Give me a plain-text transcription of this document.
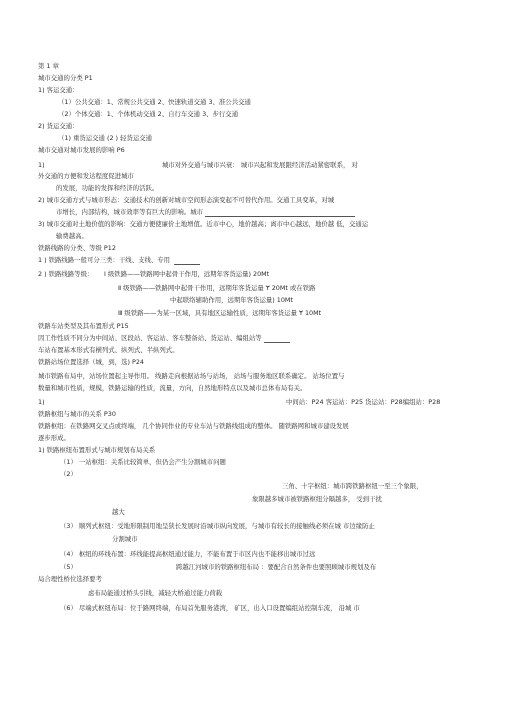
第 1 章
城市交通的分类 P1
1) 客运交通：
（1）公共交通：1、常规公共交通 2、快速轨道交通 3、准公共交通
（2）个体交通：1、个体机动交通 2、自行车交通 3、步行交通
2) 货运交通：
（1) 重货运交通 (2 ) 轻货运交通
城市交通对城市发展的影响 P6
1)	城市对外交通与城市兴衰： 城市兴起和发展跟经济活动紧密联系， 对
外交通的方便和发达程度促进城市
的发展，功能的发挥和经济的活跃。
2) 城市交通方式与城市形态：交通技术的创新对城市空间形态演变起不可替代作用。交通工具变革，对城
市增长，内部结构，城市效率等有巨大的影响。城市
3) 城市交通对土地价值的影响：交通方便使廉价土地增值。近市中心，地价越高；离市中心越远，地价越 低，交通运
输费越高。
铁路线路的分类、等级 P12
1 ) 铁路线路一般可分三类：干线、支线、专用
2 ) 铁路线路等级： Ⅰ 级铁路——铁路网中起骨干作用，远期年客货运量) 20Mt
Ⅱ 级铁路——铁路网中起骨干作用，远期年客货运量 Ɏ 20Mt 或在铁路
中起联络辅助作用，远期年客货运量) 10Mt
Ⅲ 级铁路——为某一区域，具有地区运输性质，远期年客货运量 Ɏ 10Mt
铁路车站类型及其布置形式 P15
因工作性质不同分为中间站、区段站、客运站、客车整备站、货运站、编组站等
车站布置基本形式有横列式、纵列式、半纵列式。
铁路站场位置选择（城，到，选) P24
城市铁路布局中，站场位置起主导作用。 线路走向根据站场与站场， 站场与服务地区联系确定。 站场位置与
数量和城市性质，规模，铁路运输的性质，流量，方向，自然地形特点以及城市总体布局有关。
1)	中间站：P24 客运站：P25 货运站：P28编组站：P28
铁路枢纽与城市的关系 P30
铁路枢纽：在铁路网交叉点或终端， 几个协同作业的专业车站与铁路线组成的整体。 随铁路网和城市建设发展
逐步形成。
1) 铁路枢纽布置形式与城市规划布局关系
（1） 一站枢纽：关系比较简单，但仍会产生分割城市问题
（2）
三角、十字枢纽：城市跨铁路枢纽一至三个象限，
象限越多城市被铁路枢纽分隔越多， 受到干扰
越大
（3） 顺列式枢纽：受地形限制用地呈狭长发展时沿城市纵向发展，与城市有较长的接触线必须在城 市边缘防止
分割城市
（4） 枢纽的环线布置：环线能提高枢纽通过能力，不能布置于市区内也不能移出城市过远
（5）	跨越江河城市的铁路枢纽布局 ：要配合自然条件也要照顾城市规划及布
局合理性桥位选择要考
虑布局能通过桥头引线，减轻大桥通过能力荷载
（6） 尽端式枢纽布局：位于路网终端，布局首先服务港湾， 矿区，出入口设置编组站控制车流， 沿城 市
